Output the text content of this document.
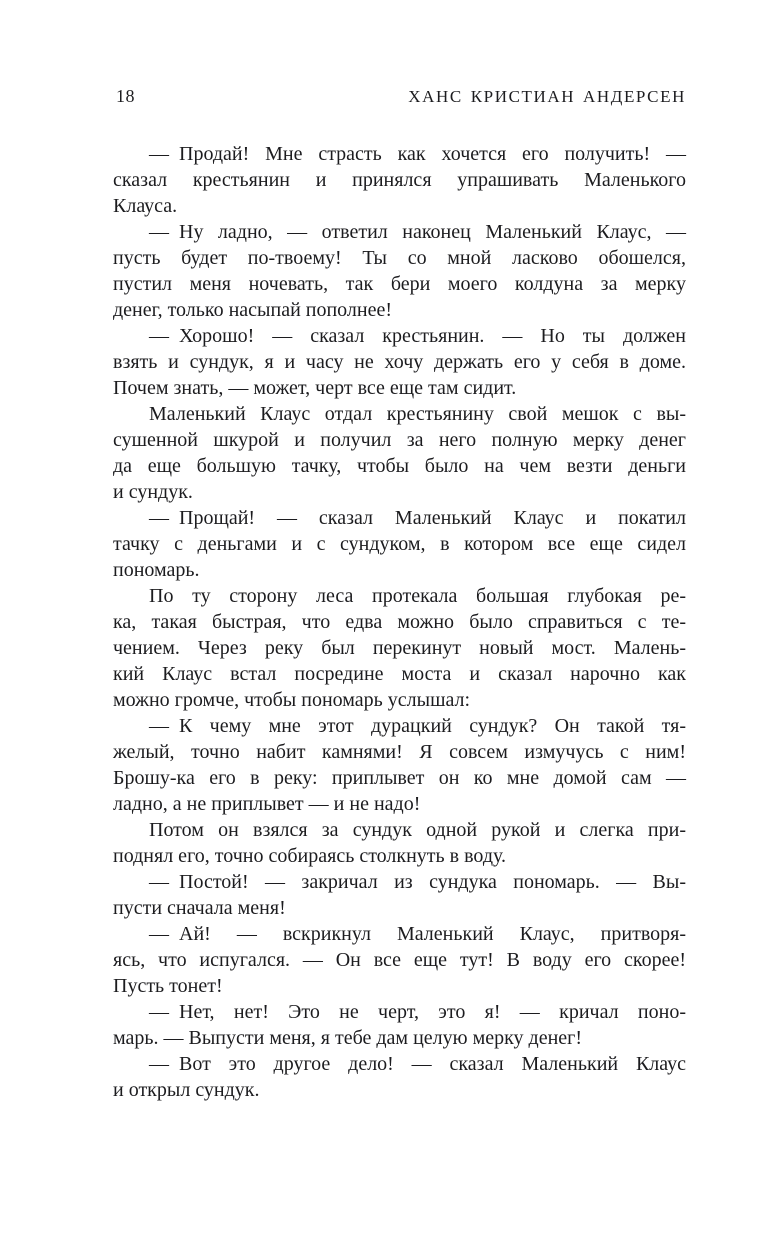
18	ХАНС КРИСТИАН АНДЕРСЕН
— Продай! Мне страсть как хочется его получить! —
сказал крестьянин и принялся упрашивать Маленького
Клауса.
— Ну ладно, — ответил наконец Маленький Клаус, —
пусть будет по-твоему! Ты со мной ласково обошелся,
пустил меня ночевать, так бери моего колдуна за мерку
денег, только насыпай пополнее!
— Хорошо! — сказал крестьянин. — Но ты должен
взять и сундук, я и часу не хочу держать его у себя в доме.
Почем знать, — может, черт все еще там сидит.
Маленький Клаус отдал крестьянину свой мешок с вы-
сушенной шкурой и получил за него полную мерку денег
да еще большую тачку, чтобы было на чем везти деньги
и сундук.
— Прощай! — сказал Маленький Клаус и покатил
тачку с деньгами и с сундуком, в котором все еще сидел
пономарь.
По ту сторону леса протекала большая глубокая ре-
ка, такая быстрая, что едва можно было справиться с те-
чением. Через реку был перекинут новый мост. Малень-
кий Клаус встал посредине моста и сказал нарочно как
можно громче, чтобы пономарь услышал:
— К чему мне этот дурацкий сундук? Он такой тя-
желый, точно набит камнями! Я совсем измучусь с ним!
Брошу-ка его в реку: приплывет он ко мне домой сам —
ладно, а не приплывет — и не надо!
Потом он взялся за сундук одной рукой и слегка при-
поднял его, точно собираясь столкнуть в воду.
— Постой! — закричал из сундука пономарь. — Вы-
пусти сначала меня!
— Ай! — вскрикнул Маленький Клаус, притворя-
ясь, что испугался. — Он все еще тут! В воду его скорее!
Пусть тонет!
— Нет, нет! Это не черт, это я! — кричал поно-
марь. — Выпусти меня, я тебе дам целую мерку денег!
— Вот это другое дело! — сказал Маленький Клаус
и открыл сундук.
